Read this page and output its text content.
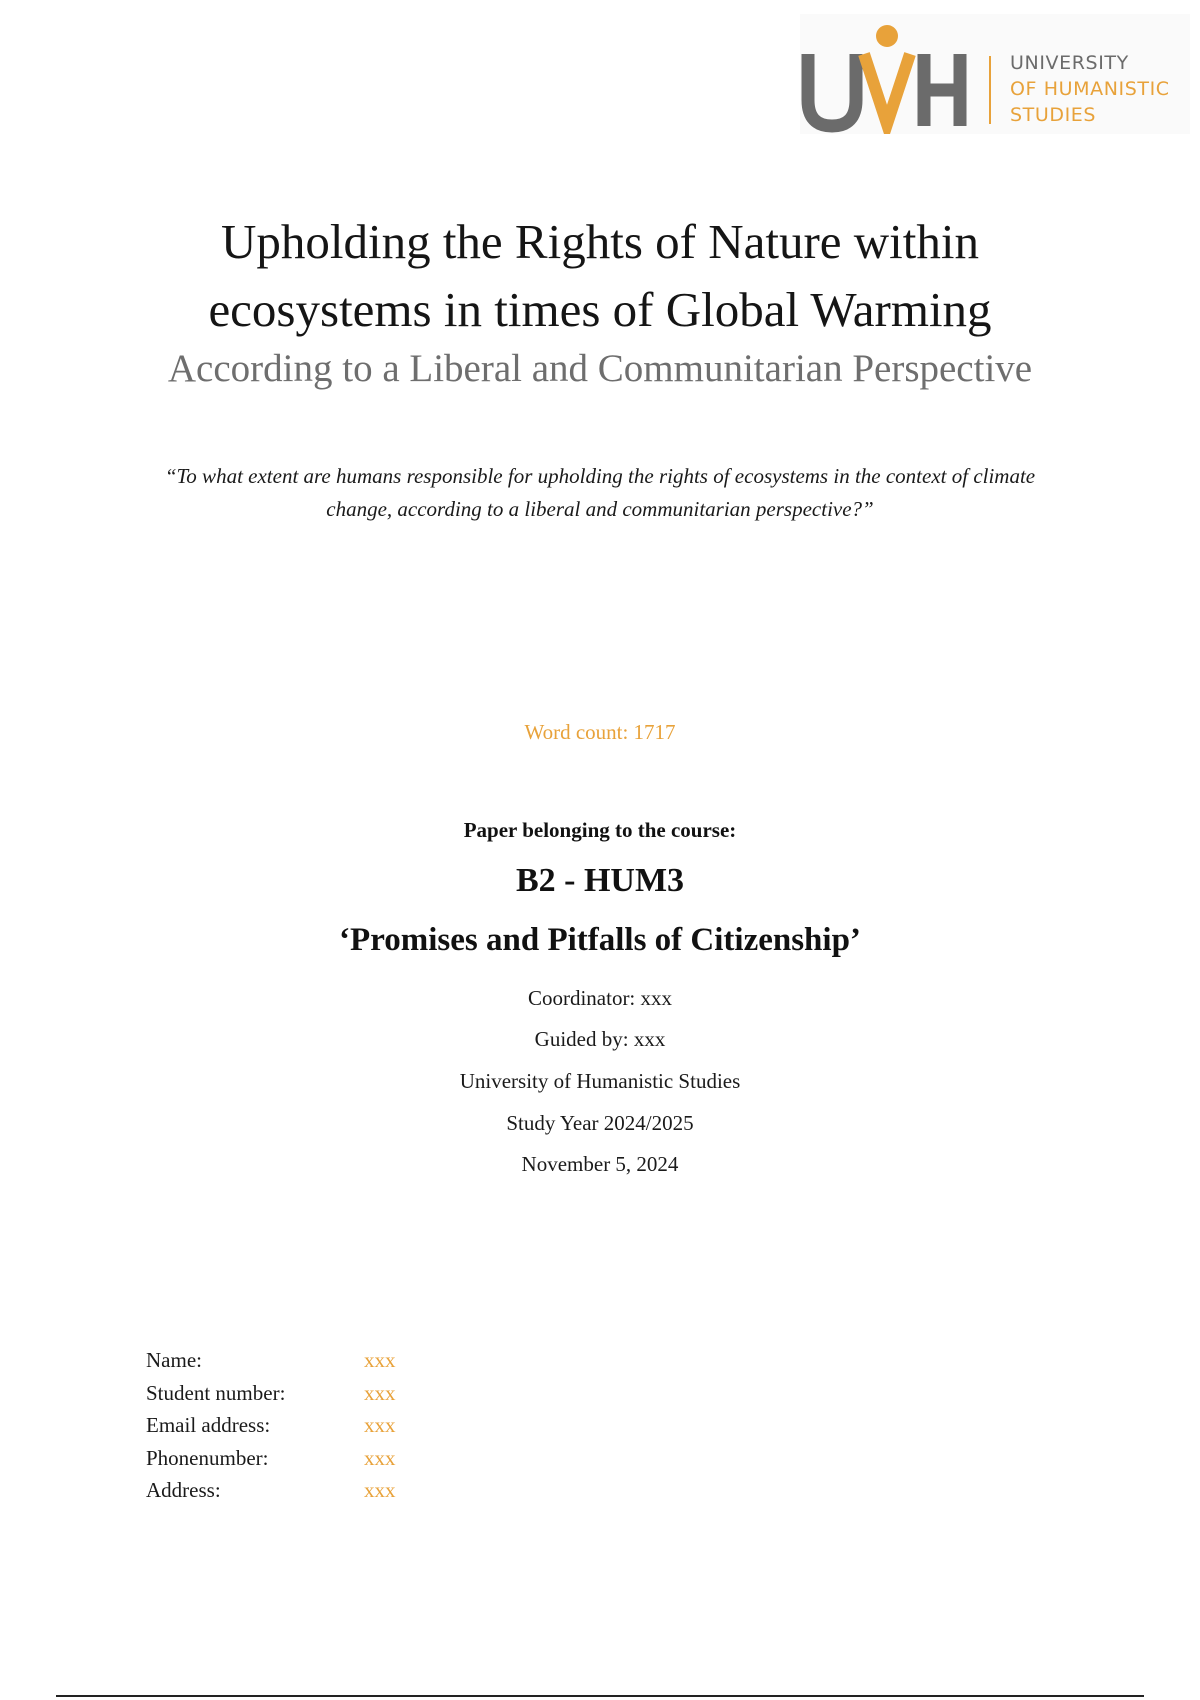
UNIVERSITY
OF HUMANISTIC
STUDIES
Upholding the Rights of Nature within
ecosystems in times of Global Warming
According to a Liberal and Communitarian Perspective
“To what extent are humans responsible for upholding the rights of ecosystems in the context of climate change, according to a liberal and communitarian perspective?”
Word count: 1717
Paper belonging to the course:
B2 - HUM3
‘Promises and Pitfalls of Citizenship’
Coordinator: xxx
Guided by: xxx
University of Humanistic Studies
Study Year 2024/2025
November 5, 2024
Name:	xxx
Student number:	xxx
Email address:	xxx
Phonenumber:	xxx
Address:	xxx
